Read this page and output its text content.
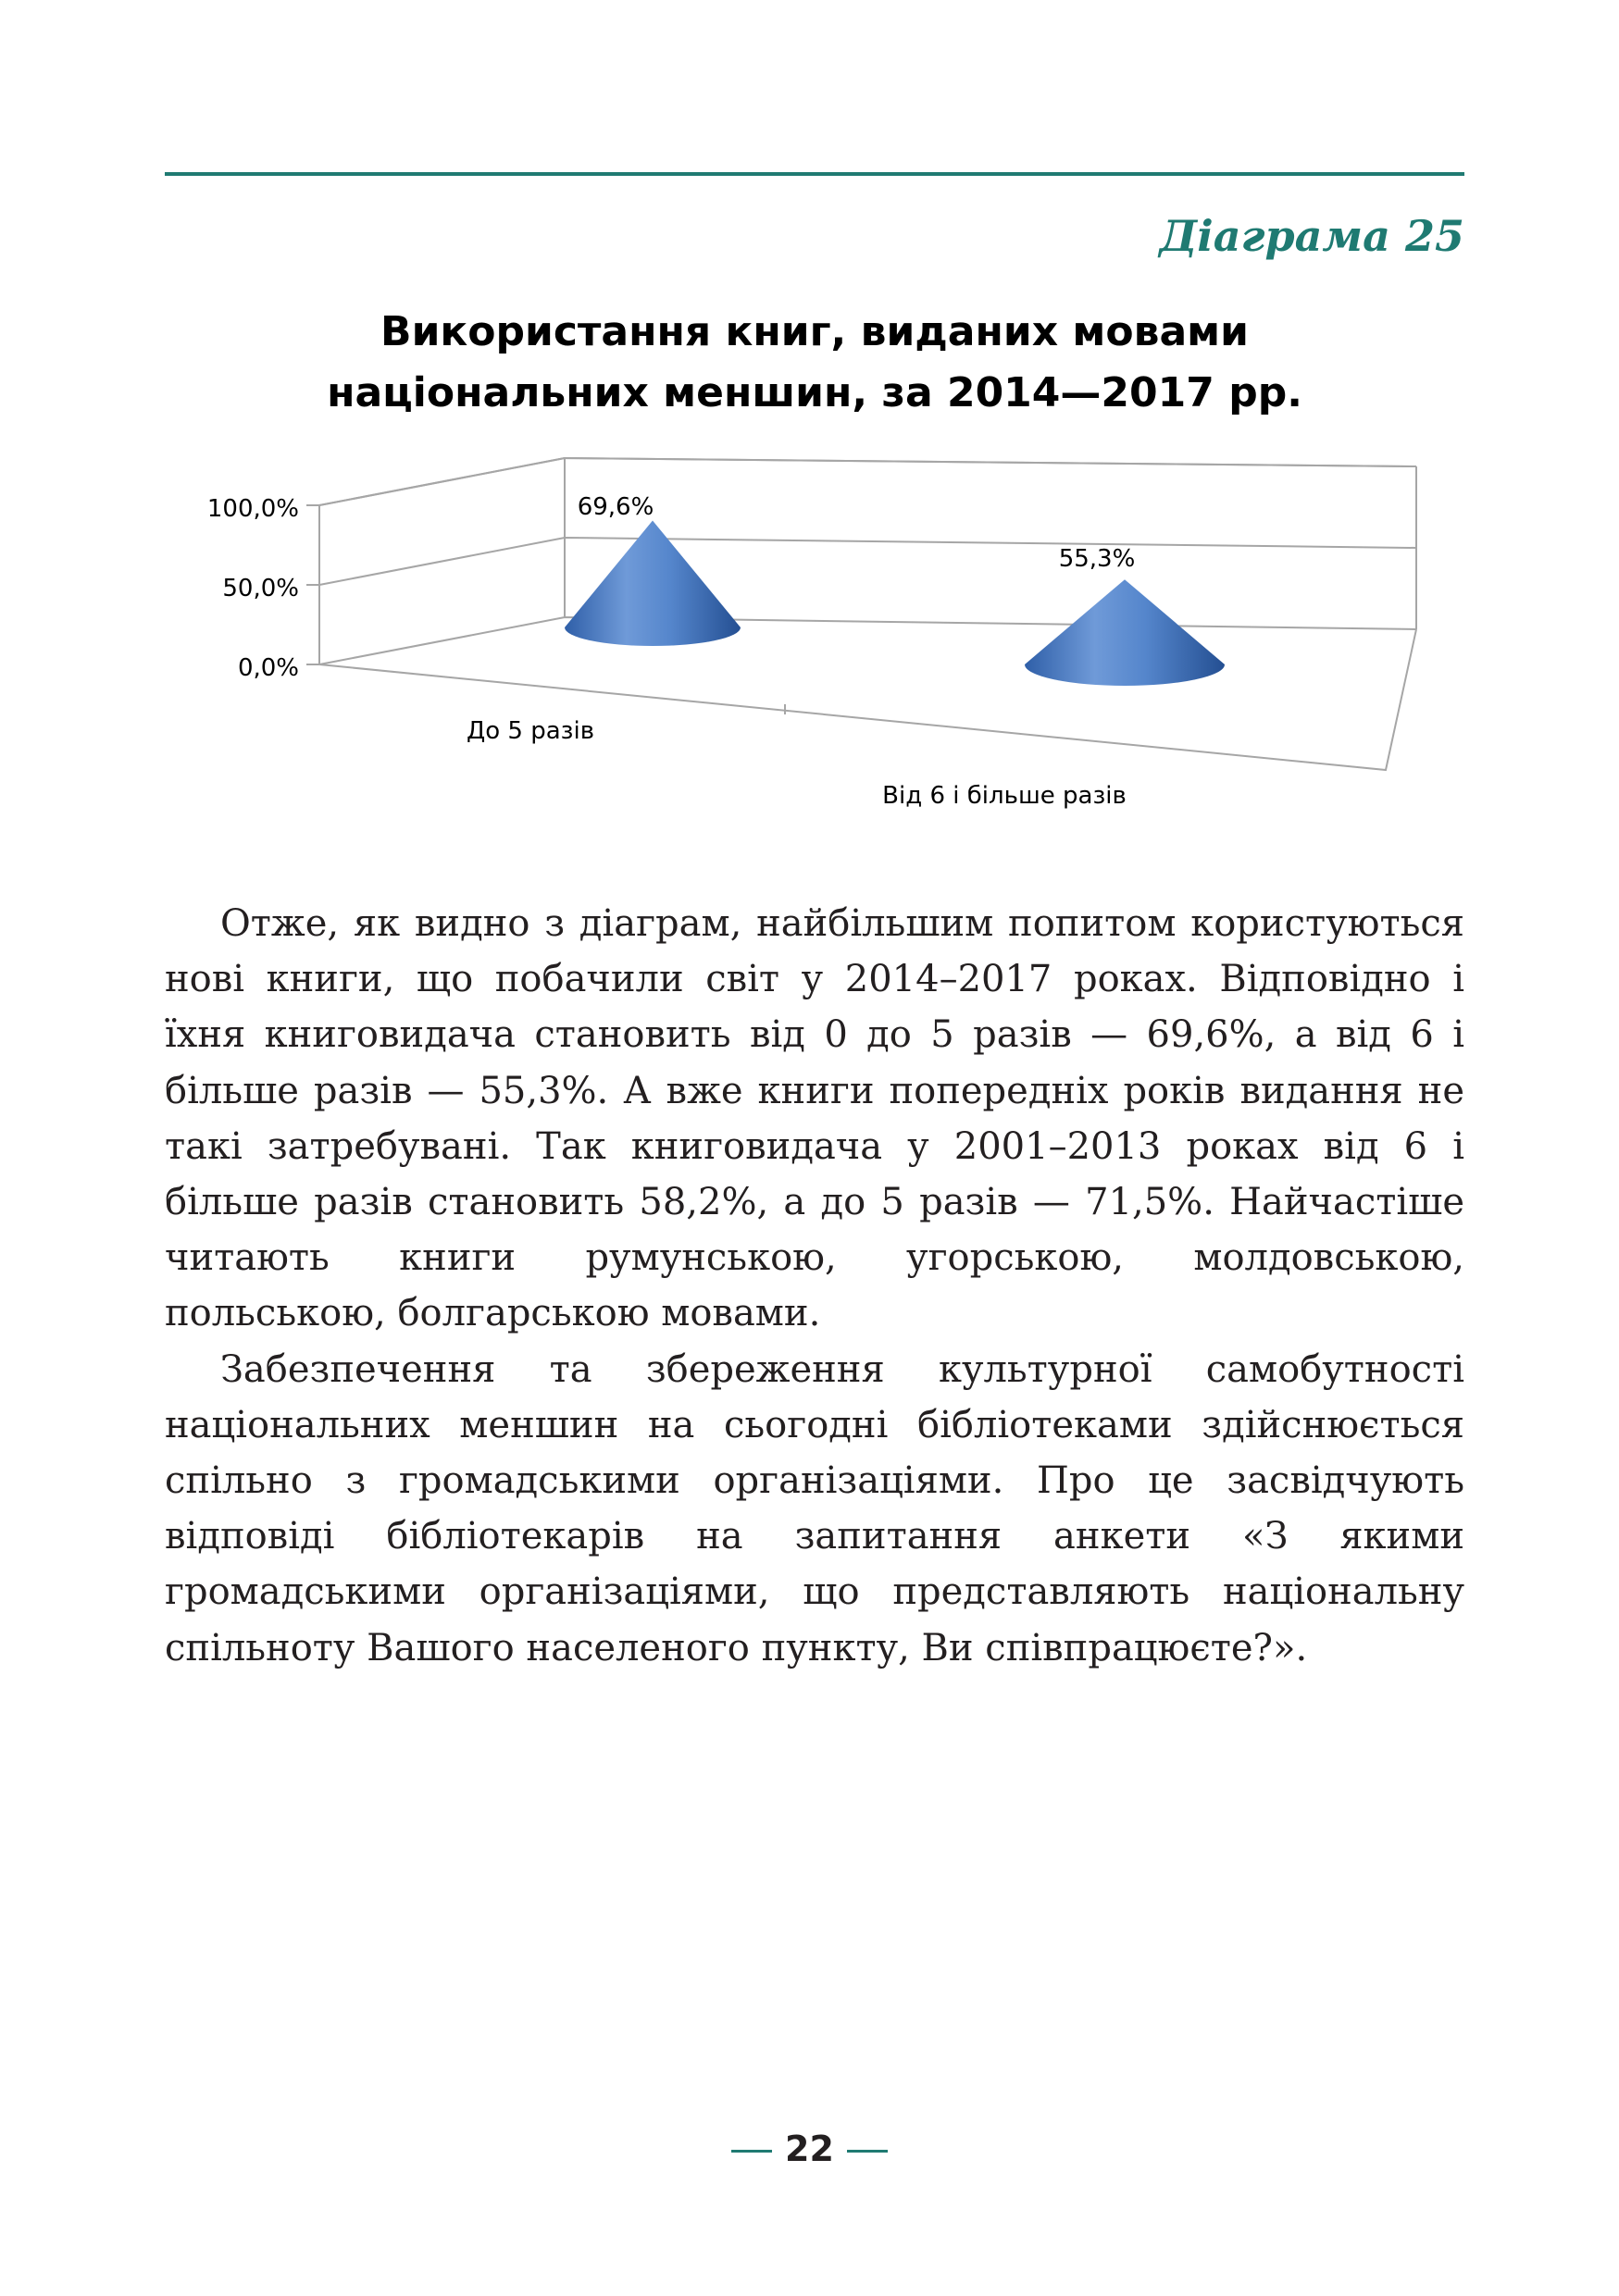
Діаграма 25
Використання книг, виданих мовами
національних меншин, за 2014—2017 рр.
0,0%
50,0%
100,0%	69,6%
До 5 разів
55,3%
Від 6 і більше разів

Отже, як видно з діаграм, найбільшим попитом користуються нові книги, що побачили світ у 2014–2017 роках. Відповідно і їхня книговидача становить від 0 до 5 разів — 69,6%, а від 6 і більше разів — 55,3%. А вже книги попередніх років видання не такі затребувані. Так книговидача у 2001–2013 роках від 6 і більше разів становить 58,2%, а до 5 разів — 71,5%. Найчастіше читають книги румунською, угорською, молдовською, польською, болгарською мовами.

Забезпечення та збереження культурної самобутності національних меншин на сьогодні бібліотеками здійснюється спільно з громадськими організаціями. Про це засвідчують відповіді бібліотекарів на запитання анкети «З якими громадськими організаціями, що представляють національну спільноту Вашого населеного пункту, Ви співпрацюєте?».

22
